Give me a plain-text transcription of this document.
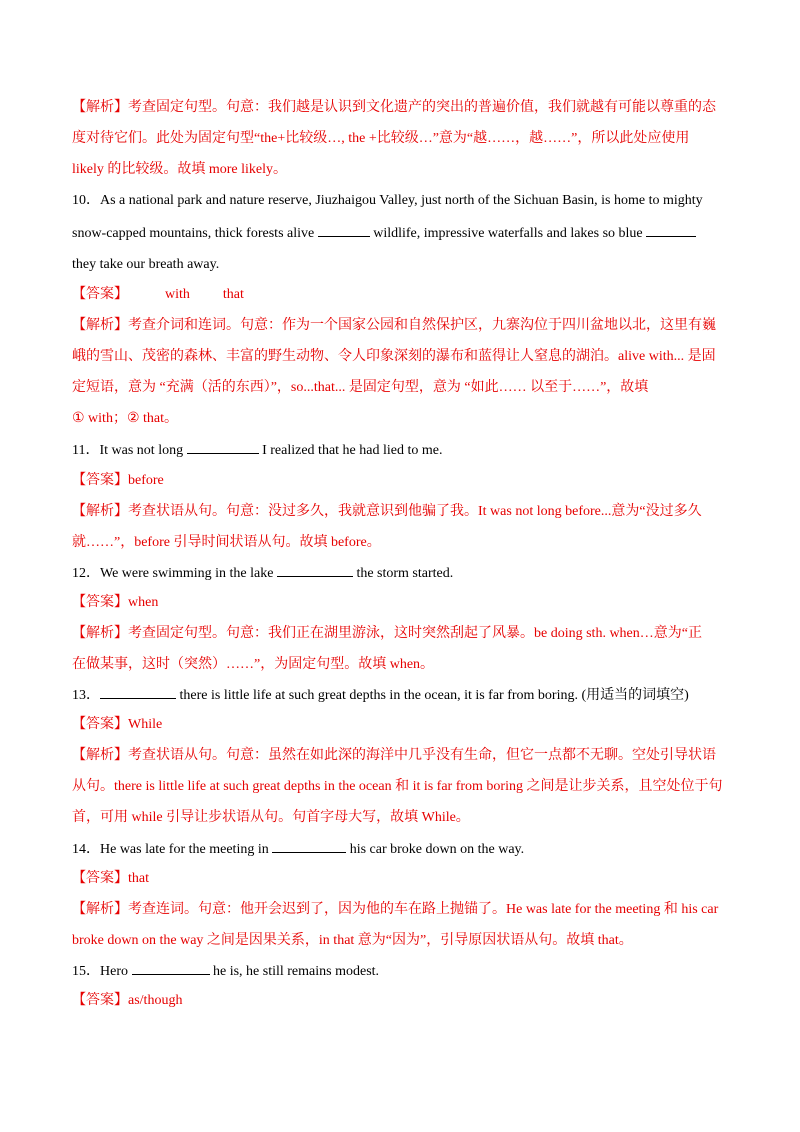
【解析】考查固定句型。句意：我们越是认识到文化遗产的突出的普遍价值，我们就越有可能以尊重的态
度对待它们。此处为固定句型“the+比较级…, the +比较级…”意为“越……，越……”，所以此处应使用
likely 的比较级。故填 more likely。
10．As a national park and nature reserve, Jiuzhaigou Valley, just north of the Sichuan Basin, is home to mighty
snow-capped mountains, thick forests alive	wildlife, impressive waterfalls and lakes so blue
they take our breath away.
【答案】	with that
【解析】考查介词和连词。句意：作为一个国家公园和自然保护区，九寨沟位于四川盆地以北，这里有巍
峨的雪山、茂密的森林、丰富的野生动物、令人印象深刻的瀑布和蓝得让人窒息的湖泊。alive with... 是固
定短语，意为 “充满（活的东西）”，so...that... 是固定句型，意为 “如此…… 以至于……”，故填
① with；② that。
11．It was not long	I realized that he had lied to me.
【答案】before
【解析】考查状语从句。句意：没过多久，我就意识到他骗了我。It was not long before...意为“没过多久
就……”，before 引导时间状语从句。故填 before。
12．We were swimming in the lake	the storm started.
【答案】when
【解析】考查固定句型。句意：我们正在湖里游泳，这时突然刮起了风暴。be doing sth. when…意为“正
在做某事，这时（突然）……”，为固定句型。故填 when。
13．	there is little life at such great depths in the ocean, it is far from boring. (用适当的词填空)
【答案】While
【解析】考查状语从句。句意：虽然在如此深的海洋中几乎没有生命，但它一点都不无聊。空处引导状语
从句。there is little life at such great depths in the ocean 和 it is far from boring 之间是让步关系，且空处位于句
首，可用 while 引导让步状语从句。句首字母大写，故填 While。
14．He was late for the meeting in	his car broke down on the way.
【答案】that
【解析】考查连词。句意：他开会迟到了，因为他的车在路上抛锚了。He was late for the meeting 和 his car
broke down on the way 之间是因果关系，in that 意为“因为”，引导原因状语从句。故填 that。
15．Hero	he is, he still remains modest.
【答案】as/though
